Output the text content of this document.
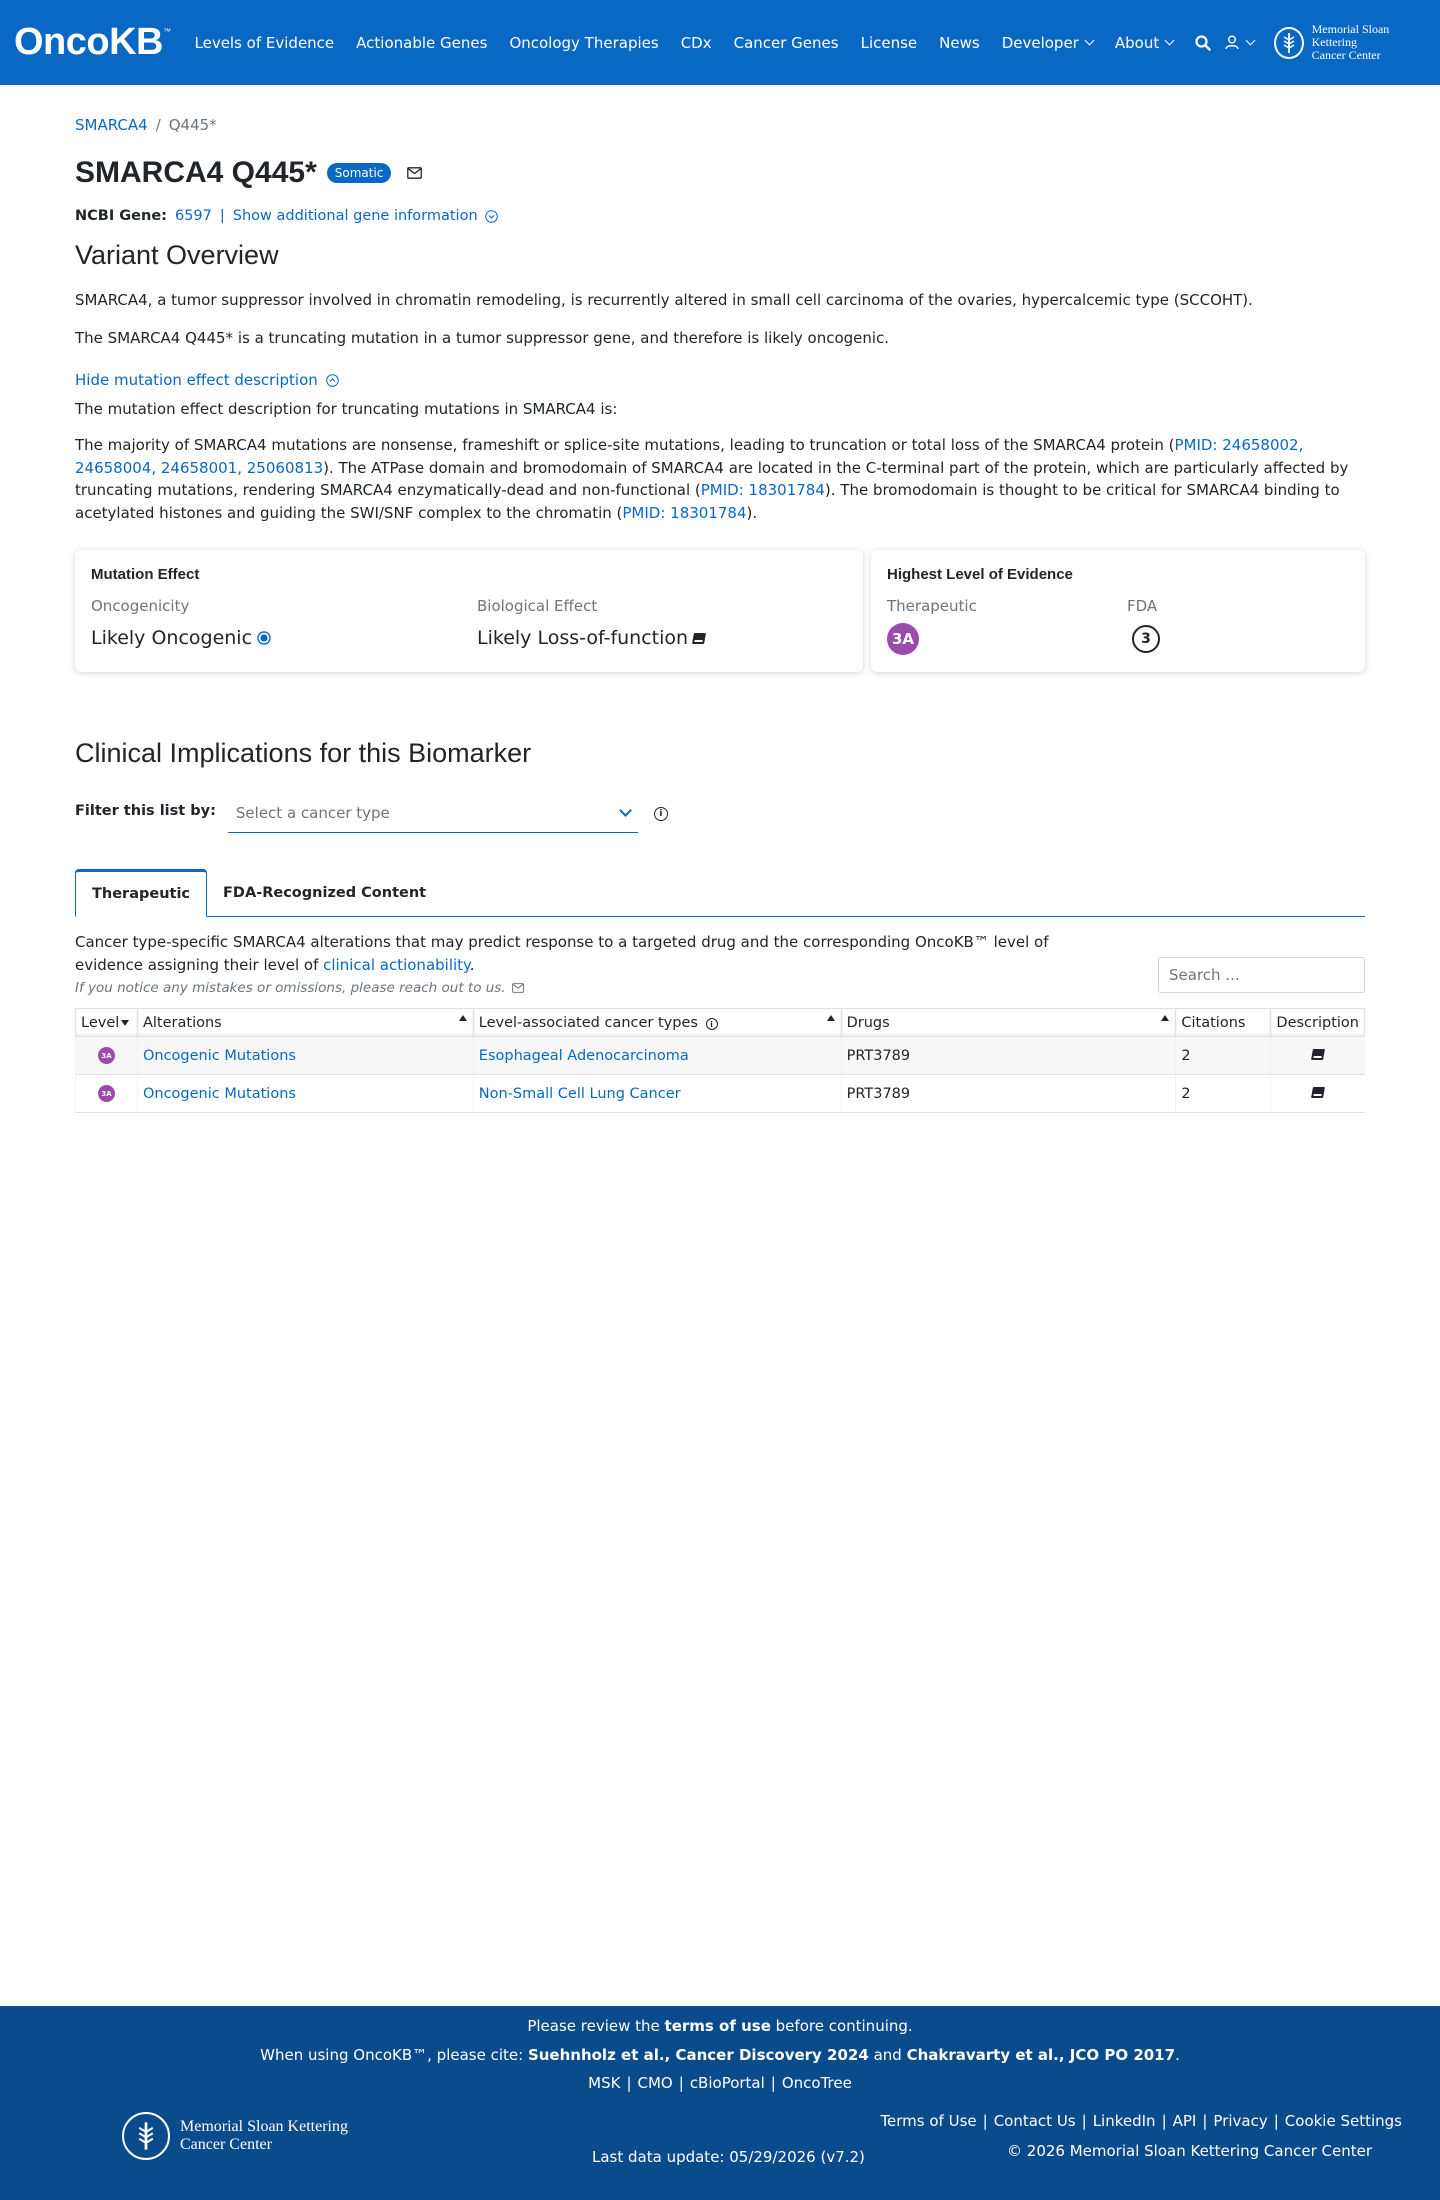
OncoKB™
Levels of Evidence Actionable Genes Oncology Therapies CDx Cancer Genes License News Developer About
Memorial Sloan Kettering
Cancer Center
SMARCA4 / Q445*
SMARCA4 Q445*	Somatic
NCBI Gene: 6597 | Show additional gene information
Variant Overview

SMARCA4, a tumor suppressor involved in chromatin remodeling, is recurrently altered in small cell carcinoma of the ovaries, hypercalcemic type (SCCOHT).

The SMARCA4 Q445* is a truncating mutation in a tumor suppressor gene, and therefore is likely oncogenic.

Hide mutation effect description

The mutation effect description for truncating mutations in SMARCA4 is:

The majority of SMARCA4 mutations are nonsense, frameshift or splice-site mutations, leading to truncation or total loss of the SMARCA4 protein (PMID: 24658002, 24658004, 24658001, 25060813). The ATPase domain and bromodomain of SMARCA4 are located in the C-terminal part of the protein, which are particularly affected by truncating mutations, rendering SMARCA4 enzymatically-dead and non-functional (PMID: 18301784). The bromodomain is thought to be critical for SMARCA4 binding to acetylated histones and guiding the SWI/SNF complex to the chromatin (PMID: 18301784).

Mutation Effect
Oncogenicity
Likely Oncogenic
Biological Effect
Likely Loss-of-function
Highest Level of Evidence
Therapeutic
3A
FDA
3
Clinical Implications for this Biomarker
Filter this list by: Select a cancer type	i
Therapeutic	FDA-Recognized Content
Cancer type-specific SMARCA4 alterations that may predict response to a targeted drug and the corresponding OncoKB™ level of evidence assigning their level of clinical actionability.
If you notice any mistakes or omissions, please reach out to us.
Search ...
Level	Alterations	Level-associated cancer types i	Drugs	Citations	Description

3A	Oncogenic Mutations	Esophageal Adenocarcinoma	PRT3789	2	

3A	Oncogenic Mutations	Non-Small Cell Lung Cancer	PRT3789	2	
Please review the terms of use before continuing.
When using OncoKB™, please cite: Suehnholz et al., Cancer Discovery 2024 and Chakravarty et al., JCO PO 2017.
MSK | CMO | cBioPortal | OncoTree
Memorial Sloan Kettering
Cancer Center
Last data update: 05/29/2026 (v7.2)
Terms of Use | Contact Us | LinkedIn | API | Privacy | Cookie Settings
© 2026 Memorial Sloan Kettering Cancer Center
